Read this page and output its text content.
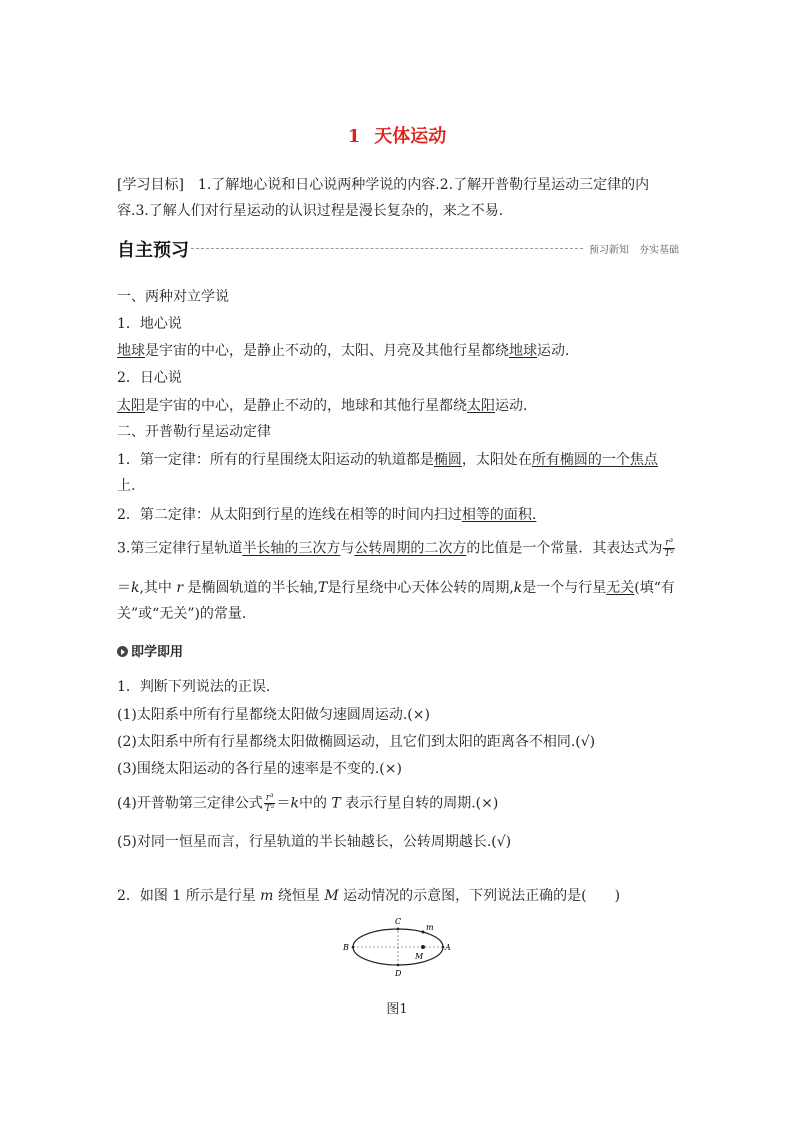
1 天体运动
[学习目标]　1.了解地心说和日心说两种学说的内容.2.了解开普勒行星运动三定律的内
容.3.了解人们对行星运动的认识过程是漫长复杂的，来之不易.
自主预习	预习新知　夯实基础
一、两种对立学说
1．地心说
地球是宇宙的中心，是静止不动的，太阳、月亮及其他行星都绕地球运动.
2．日心说
太阳是宇宙的中心，是静止不动的，地球和其他行星都绕太阳运动.
二、开普勒行星运动定律
1．第一定律：所有的行星围绕太阳运动的轨道都是椭圆，太阳处在所有椭圆的一个焦点
上.
2．第二定律：从太阳到行星的连线在相等的时间内扫过相等的面积.
3.第三定律行星轨道半长轴的三次方与公转周期的二次方的比值是一个常量．其表达式为 $\frac{\text{r³}}{\text{T²}}$
＝k,其中 r 是椭圆轨道的半长轴,T是行星绕中心天体公转的周期,k是一个与行星无关(填“有
关”或“无关”)的常量.
即学即用
1．判断下列说法的正误.
(1)太阳系中所有行星都绕太阳做匀速圆周运动.(×)
(2)太阳系中所有行星都绕太阳做椭圆运动，且它们到太阳的距离各不相同.(√)
(3)围绕太阳运动的各行星的速率是不变的.(×)
(4)开普勒第三定律公式 $\frac{\text{r³}}{\text{T²}} =k$中的 T 表示行星自转的周期.(×)
(5)对同一恒星而言，行星轨道的半长轴越长，公转周期越长.(√)
2．如图 1 所示是行星 m 绕恒星 M 运动情况的示意图，下列说法正确的是(　　)
C
D
B	A
M
m
图1
